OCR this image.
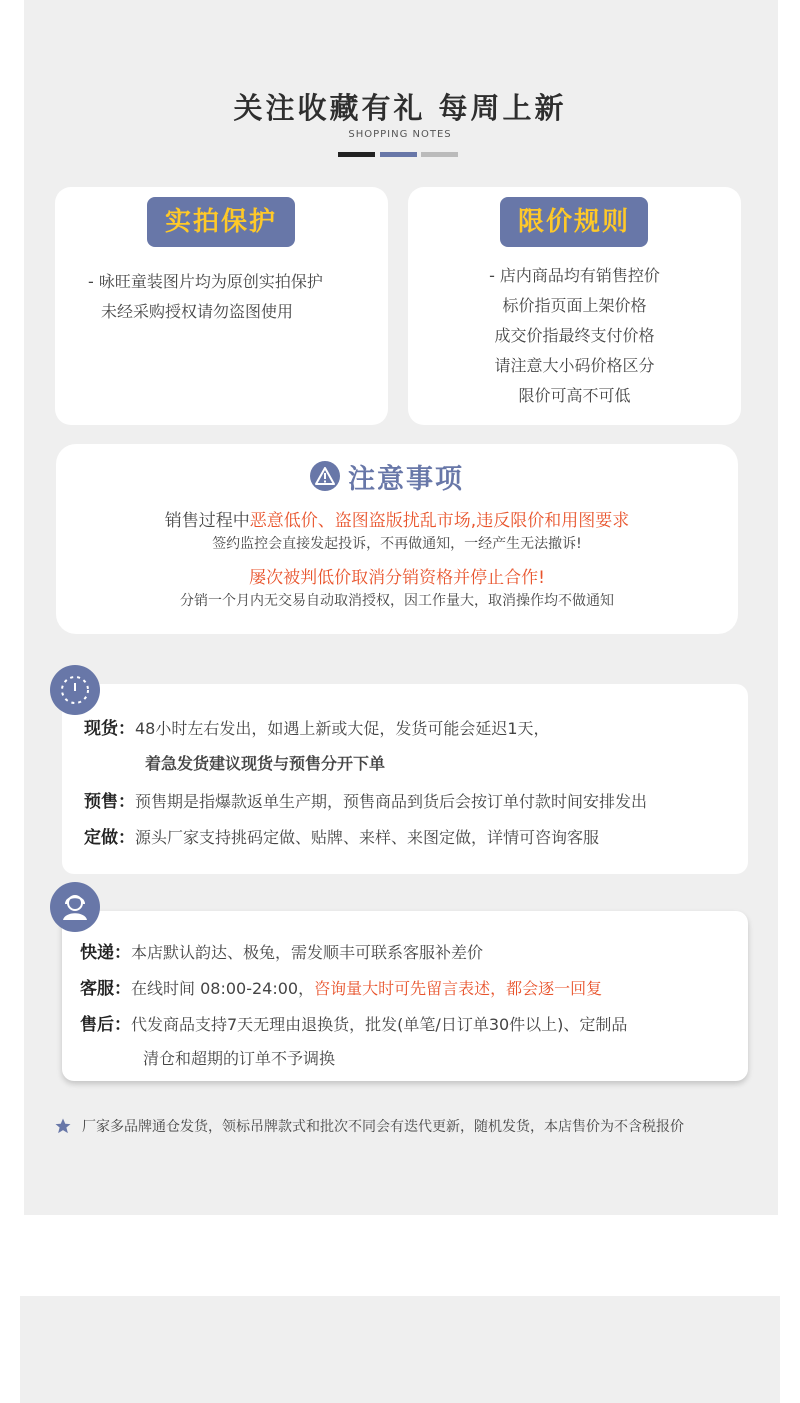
关注收藏有礼 每周上新
SHOPPING NOTES
实拍保护
- 咏旺童装图片均为原创实拍保护
未经采购授权请勿盗图使用
限价规则
- 店内商品均有销售控价
标价指页面上架价格
成交价指最终支付价格
请注意大小码价格区分
限价可高不可低
注意事项
销售过程中恶意低价、盗图盗版扰乱市场,违反限价和用图要求
签约监控会直接发起投诉，不再做通知，一经产生无法撤诉!
屡次被判低价取消分销资格并停止合作!
分销一个月内无交易自动取消授权，因工作量大，取消操作均不做通知
现货：48小时左右发出，如遇上新或大促，发货可能会延迟1天，
着急发货建议现货与预售分开下单
预售：预售期是指爆款返单生产期，预售商品到货后会按订单付款时间安排发出
定做：源头厂家支持挑码定做、贴牌、来样、来图定做，详情可咨询客服
快递：本店默认韵达、极兔，需发顺丰可联系客服补差价
客服：在线时间 08:00-24:00，咨询量大时可先留言表述，都会逐一回复
售后：代发商品支持7天无理由退换货，批发(单笔/日订单30件以上)、定制品
清仓和超期的订单不予调换
厂家多品牌通仓发货，领标吊牌款式和批次不同会有迭代更新，随机发货，本店售价为不含税报价
